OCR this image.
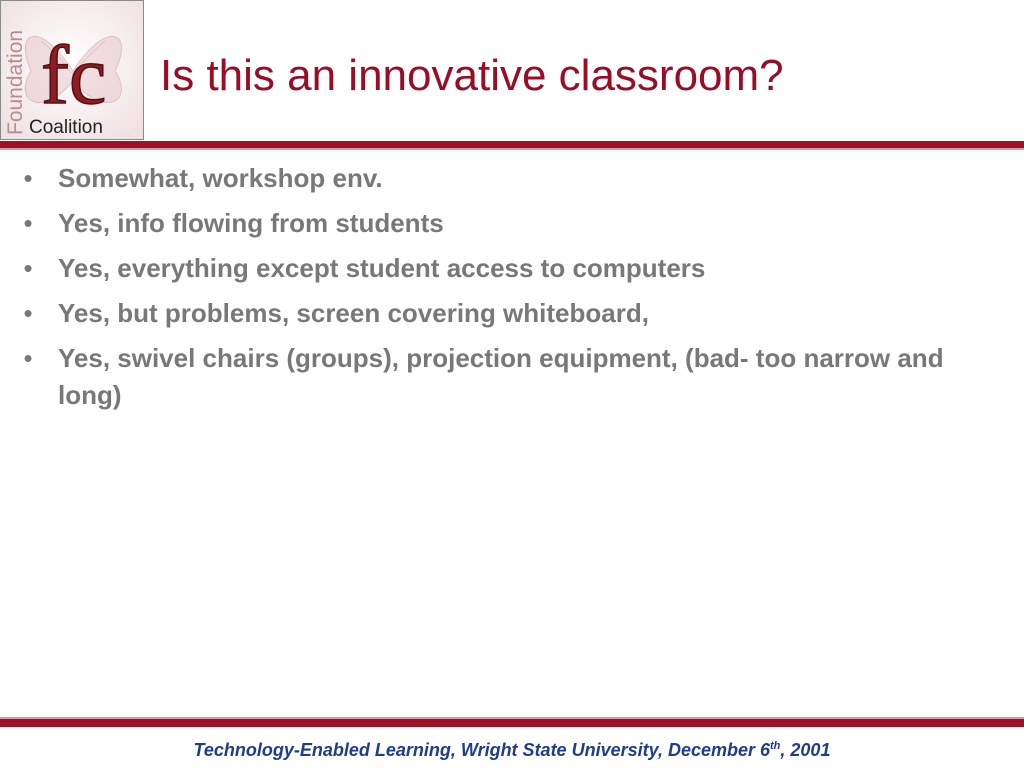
Foundation fc
Coalition
Is this an innovative classroom?
• Somewhat, workshop env.
• Yes, info flowing from students
• Yes, everything except student access to computers
• Yes, but problems, screen covering whiteboard,
• Yes, swivel chairs (groups), projection equipment, (bad- too narrow and long)
Technology-Enabled Learning, Wright State University, December 6th, 2001
